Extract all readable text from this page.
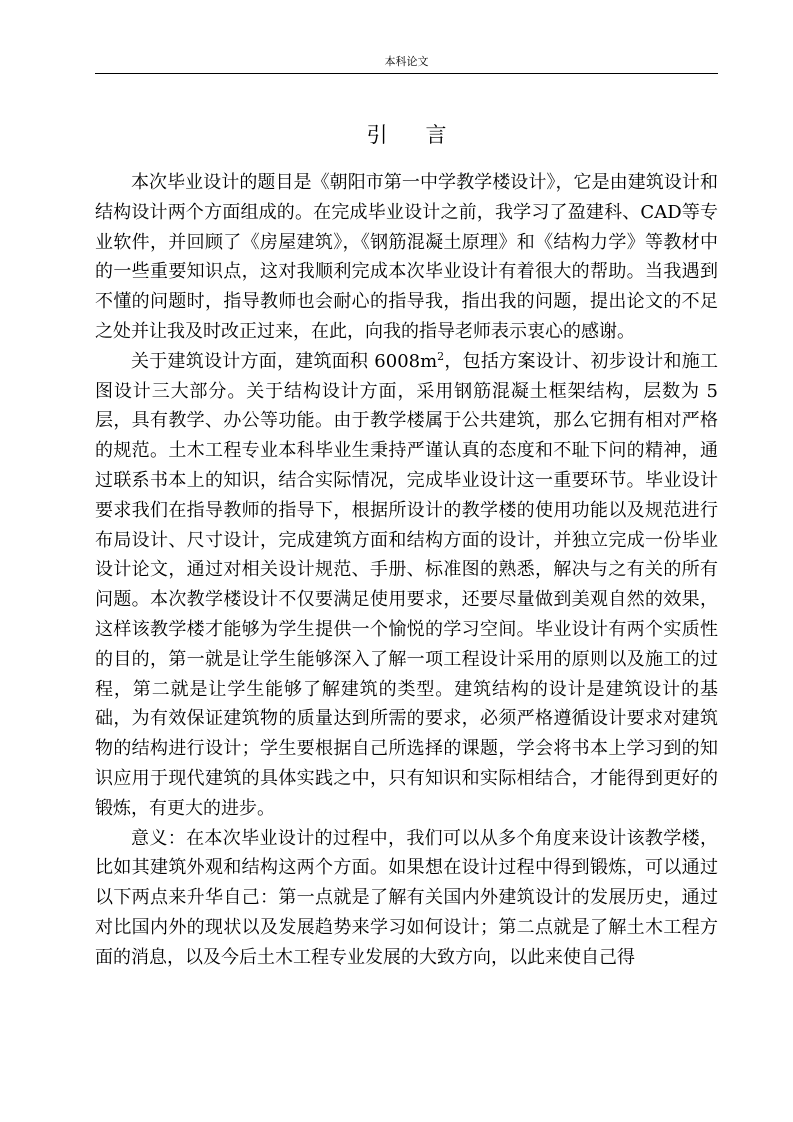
本科论文
引言

本次毕业设计的题目是《朝阳市第一中学教学楼设计》，它是由建筑设计和结构设计两个方面组成的。在完成毕业设计之前，我学习了盈建科、CAD等专业软件，并回顾了《房屋建筑》，《钢筋混凝土原理》和《结构力学》等教材中的一些重要知识点，这对我顺利完成本次毕业设计有着很大的帮助。当我遇到不懂的问题时，指导教师也会耐心的指导我，指出我的问题，提出论文的不足之处并让我及时改正过来，在此，向我的指导老师表示衷心的感谢。

关于建筑设计方面，建筑面积 $6008m^2$，包括方案设计、初步设计和施工图设计三大部分。关于结构设计方面，采用钢筋混凝土框架结构，层数为 5 层，具有教学、办公等功能。由于教学楼属于公共建筑，那么它拥有相对严格的规范。土木工程专业本科毕业生秉持严谨认真的态度和不耻下问的精神，通过联系书本上的知识，结合实际情况，完成毕业设计这一重要环节。毕业设计要求我们在指导教师的指导下，根据所设计的教学楼的使用功能以及规范进行布局设计、尺寸设计，完成建筑方面和结构方面的设计，并独立完成一份毕业设计论文，通过对相关设计规范、手册、标准图的熟悉，解决与之有关的所有问题。本次教学楼设计不仅要满足使用要求，还要尽量做到美观自然的效果，这样该教学楼才能够为学生提供一个愉悦的学习空间。毕业设计有两个实质性的目的，第一就是让学生能够深入了解一项工程设计采用的原则以及施工的过程，第二就是让学生能够了解建筑的类型。建筑结构的设计是建筑设计的基础，为有效保证建筑物的质量达到所需的要求，必须严格遵循设计要求对建筑物的结构进行设计；学生要根据自己所选择的课题，学会将书本上学习到的知识应用于现代建筑的具体实践之中，只有知识和实际相结合，才能得到更好的锻炼，有更大的进步。

意义：在本次毕业设计的过程中，我们可以从多个角度来设计该教学楼，比如其建筑外观和结构这两个方面。如果想在设计过程中得到锻炼，可以通过以下两点来升华自己：第一点就是了解有关国内外建筑设计的发展历史，通过对比国内外的现状以及发展趋势来学习如何设计；第二点就是了解土木工程方面的消息，以及今后土木工程专业发展的大致方向，以此来使自己得
